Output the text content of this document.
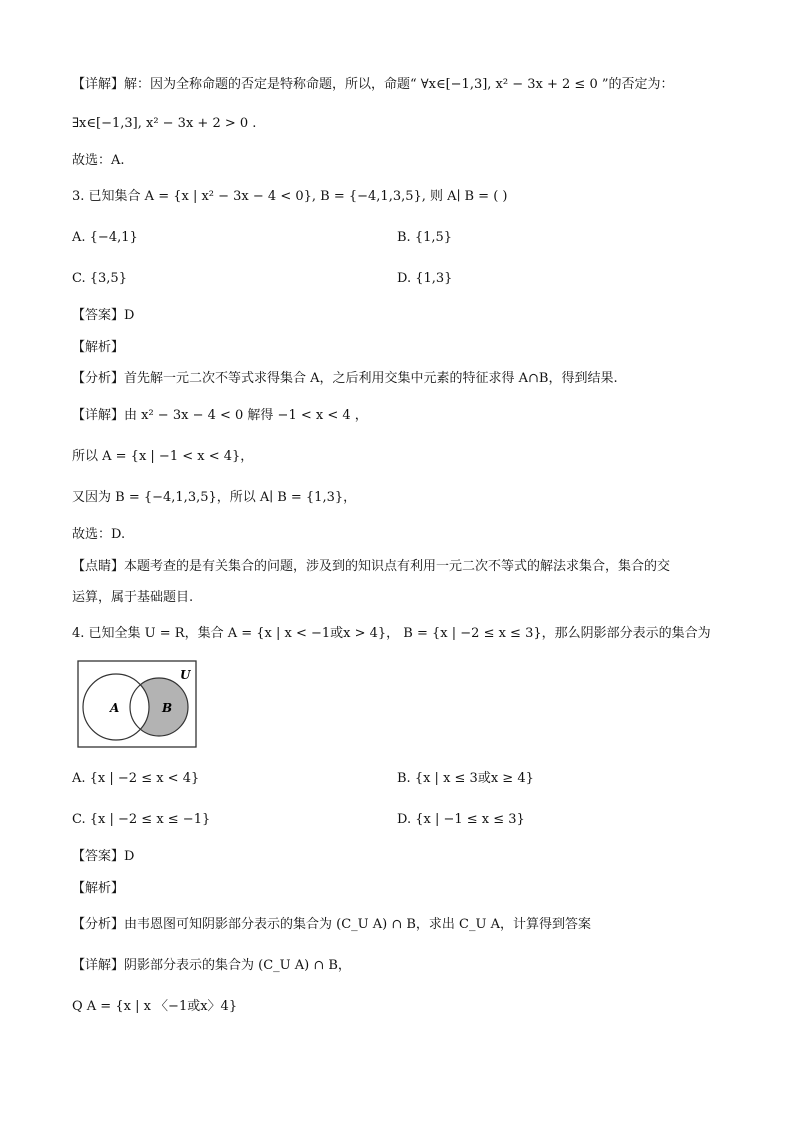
【详解】解：因为全称命题的否定是特称命题，所以，命题“ ∀x∈[−1,3], x² − 3x + 2 ≤ 0 ”的否定为：
∃x∈[−1,3], x² − 3x + 2 > 0 .
故选：A.
3. 已知集合 A = {x | x² − 3x − 4 < 0}, B = {−4,1,3,5}, 则 A∣ B = ( )
A. {−4,1}	B. {1,5}
C. {3,5}	D. {1,3}
【答案】D
【解析】
【分析】首先解一元二次不等式求得集合 A，之后利用交集中元素的特征求得 A∩B，得到结果.
【详解】由 x² − 3x − 4 < 0 解得 −1 < x < 4 ，
所以 A = {x | −1 < x < 4}，
又因为 B = {−4,1,3,5}，所以 A∣ B = {1,3}，
故选：D.
【点睛】本题考查的是有关集合的问题，涉及到的知识点有利用一元二次不等式的解法求集合，集合的交
运算，属于基础题目.
4. 已知全集 U = R，集合 A = {x | x < −1或x > 4}， B = {x | −2 ≤ x ≤ 3}，那么阴影部分表示的集合为
U
A	B
A. {x | −2 ≤ x < 4}	B. {x | x ≤ 3或x ≥ 4}
C. {x | −2 ≤ x ≤ −1}	D. {x | −1 ≤ x ≤ 3}
【答案】D
【解析】
【分析】由韦恩图可知阴影部分表示的集合为 (C_U A) ∩ B，求出 C_U A，计算得到答案
【详解】阴影部分表示的集合为 (C_U A) ∩ B，
Q A = {x | x 〈−1或x〉4}
